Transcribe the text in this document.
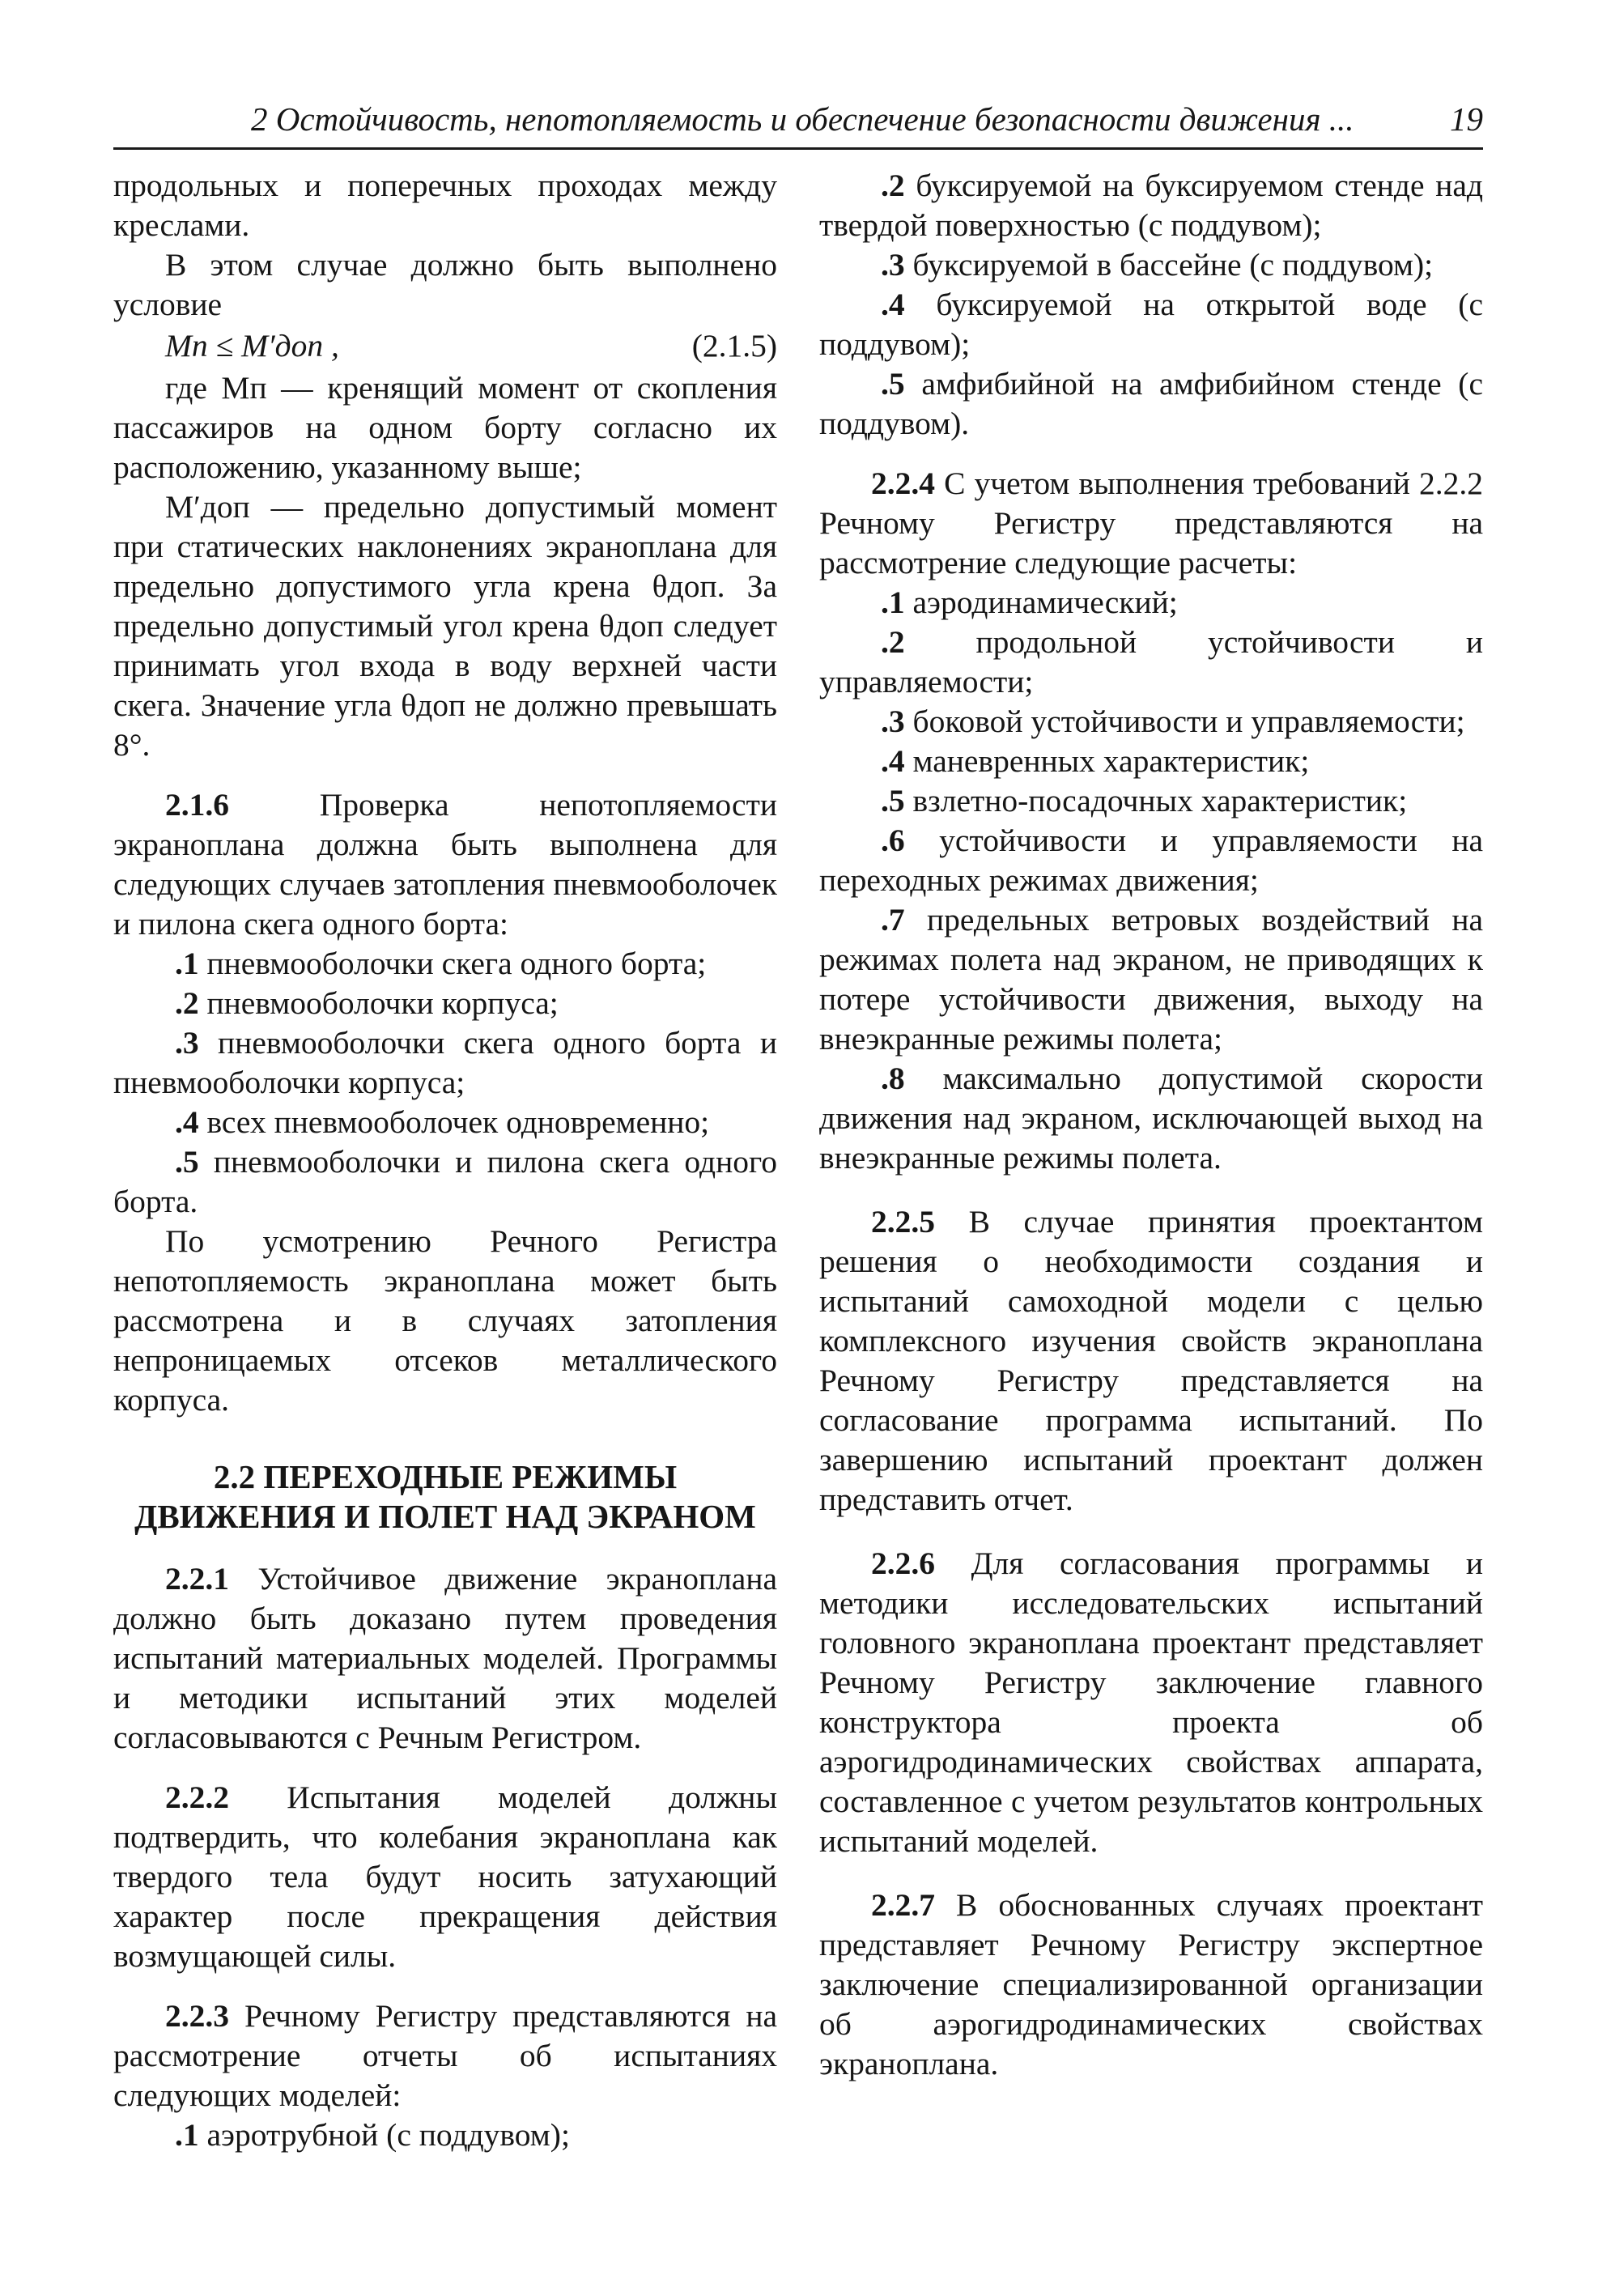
2 Остойчивость, непотопляемость и обеспечение безопасности движения ...	19

продольных и поперечных проходах между креслами.

В этом случае должно быть выполнено условие

Mп ≤ M′доп ,	(2.1.5)

где Mп — кренящий момент от скопления пассажиров на одном борту согласно их расположению, указанному выше;

M′доп — предельно допустимый момент при статических наклонениях экраноплана для предельно допустимого угла крена θдоп. За предельно допустимый угол крена θдоп следует принимать угол входа в воду верхней части скега. Значение угла θдоп не должно превышать 8°.

2.1.6 Проверка непотопляемости экраноплана должна быть выполнена для следующих случаев затопления пневмооболочек и пилона скега одного борта:

.1 пневмооболочки скега одного борта;

.2 пневмооболочки корпуса;

.3 пневмооболочки скега одного борта и пневмооболочки корпуса;

.4 всех пневмооболочек одновременно;

.5 пневмооболочки и пилона скега одного борта.

По усмотрению Речного Регистра непотопляемость экраноплана может быть рассмотрена и в случаях затопления непроницаемых отсеков металлического корпуса.

2.2 ПЕРЕХОДНЫЕ РЕЖИМЫ
ДВИЖЕНИЯ И ПОЛЕТ НАД ЭКРАНОМ

2.2.1 Устойчивое движение экраноплана должно быть доказано путем проведения испытаний материальных моделей. Программы и методики испытаний этих моделей согласовываются с Речным Регистром.

2.2.2 Испытания моделей должны подтвердить, что колебания экраноплана как твердого тела будут носить затухающий характер после прекращения действия возмущающей силы.

2.2.3 Речному Регистру представляются на рассмотрение отчеты об испытаниях следующих моделей:

.1 аэротрубной (с поддувом);

.2 буксируемой на буксируемом стенде над твердой поверхностью (с поддувом);

.3 буксируемой в бассейне (с поддувом);

.4 буксируемой на открытой воде (с поддувом);

.5 амфибийной на амфибийном стенде (с поддувом).

2.2.4 С учетом выполнения требований 2.2.2 Речному Регистру представляются на рассмотрение следующие расчеты:

.1 аэродинамический;

.2 продольной устойчивости и управляемости;

.3 боковой устойчивости и управляемости;

.4 маневренных характеристик;

.5 взлетно-посадочных характеристик;

.6 устойчивости и управляемости на переходных режимах движения;

.7 предельных ветровых воздействий на режимах полета над экраном, не приводящих к потере устойчивости движения, выходу на внеэкранные режимы полета;

.8 максимально допустимой скорости движения над экраном, исключающей выход на внеэкранные режимы полета.

2.2.5 В случае принятия проектантом решения о необходимости создания и испытаний самоходной модели с целью комплексного изучения свойств экраноплана Речному Регистру представляется на согласование программа испытаний. По завершению испытаний проектант должен представить отчет.

2.2.6 Для согласования программы и методики исследовательских испытаний головного экраноплана проектант представляет Речному Регистру заключение главного конструктора проекта об аэрогидродинамических свойствах аппарата, составленное с учетом результатов контрольных испытаний моделей.

2.2.7 В обоснованных случаях проектант представляет Речному Регистру экспертное заключение специализированной организации об аэрогидродинамических свойствах экраноплана.
